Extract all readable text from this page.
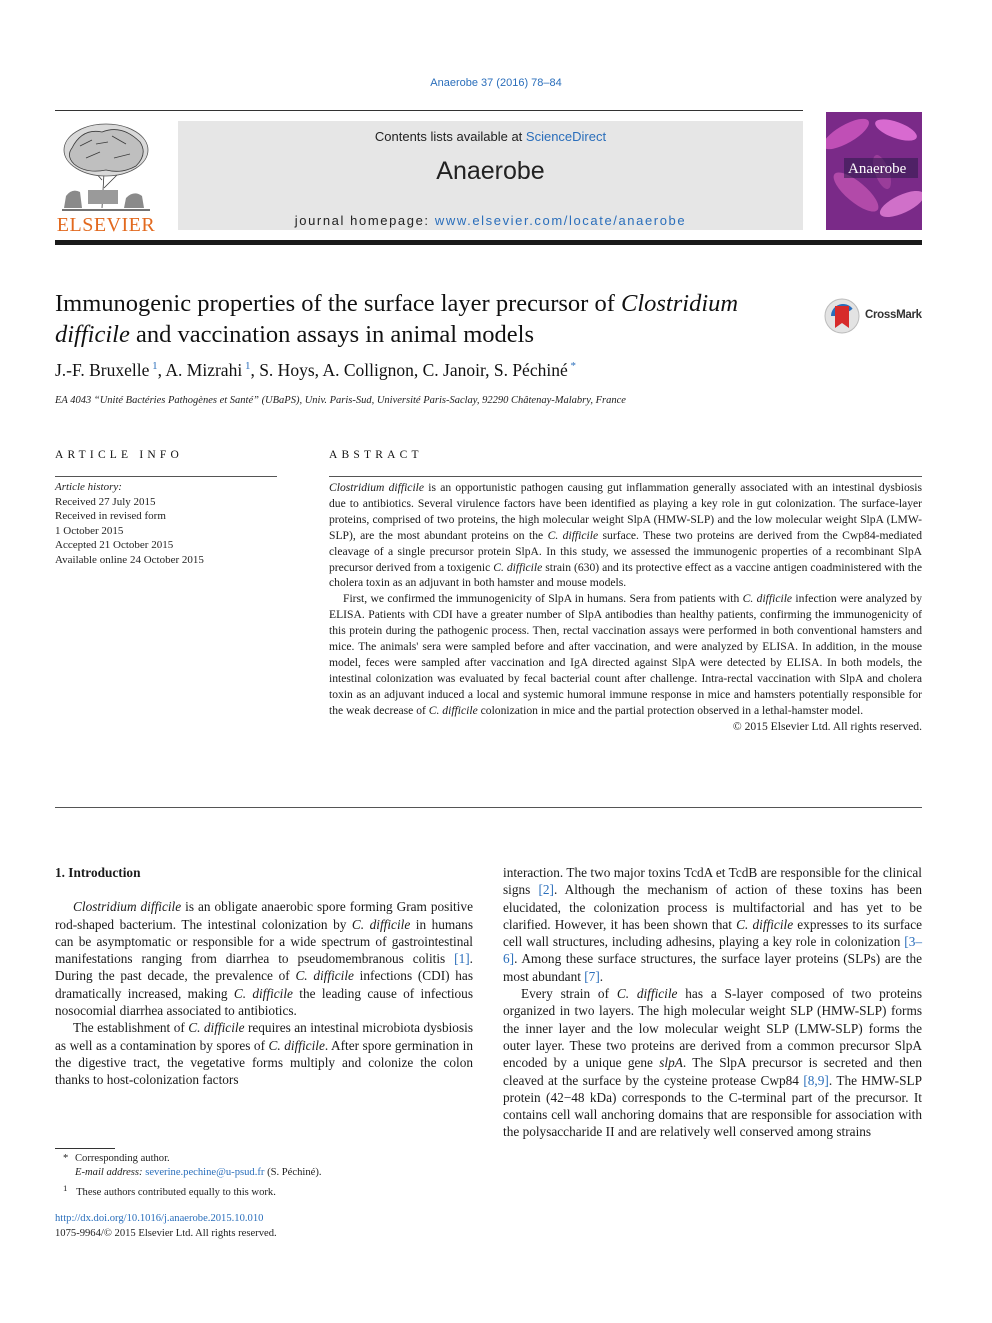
Anaerobe 37 (2016) 78–84
ELSEVIER
Contents lists available at ScienceDirect
Anaerobe
journal homepage: www.elsevier.com/locate/anaerobe
Anaerobe
Immunogenic properties of the surface layer precursor of Clostridium difficile and vaccination assays in animal models
CrossMark
J.-F. Bruxelle $^1$, A. Mizrahi $^1$, S. Hoys, A. Collignon, C. Janoir, S. Péchiné *
EA 4043 “Unité Bactéries Pathogènes et Santé” (UBaPS), Univ. Paris-Sud, Université Paris-Saclay, 92290 Châtenay-Malabry, France
ARTICLE INFO
Article history:
Received 27 July 2015
Received in revised form
1 October 2015
Accepted 21 October 2015
Available online 24 October 2015
ABSTRACT

Clostridium difficile is an opportunistic pathogen causing gut inflammation generally associated with an intestinal dysbiosis due to antibiotics. Several virulence factors have been identified as playing a key role in gut colonization. The surface-layer proteins, comprised of two proteins, the high molecular weight SlpA (HMW-SLP) and the low molecular weight SlpA (LMW-SLP), are the most abundant proteins on the C. difficile surface. These two proteins are derived from the Cwp84-mediated cleavage of a single precursor protein SlpA. In this study, we assessed the immunogenic properties of a recombinant SlpA precursor derived from a toxigenic C. difficile strain (630) and its protective effect as a vaccine antigen coadministered with the cholera toxin as an adjuvant in both hamster and mouse models.

First, we confirmed the immunogenicity of SlpA in humans. Sera from patients with C. difficile infection were analyzed by ELISA. Patients with CDI have a greater number of SlpA antibodies than healthy patients, confirming the immunogenicity of this protein during the pathogenic process. Then, rectal vaccination assays were performed in both conventional hamsters and mice. The animals' sera were sampled before and after vaccination, and were analyzed by ELISA. In addition, in the mouse model, feces were sampled after vaccination and IgA directed against SlpA were detected by ELISA. In both models, the intestinal colonization was evaluated by fecal bacterial count after challenge. Intra-rectal vaccination with SlpA and cholera toxin as an adjuvant induced a local and systemic humoral immune response in mice and hamsters potentially responsible for the weak decrease of C. difficile colonization in mice and the partial protection observed in a lethal-hamster model.

© 2015 Elsevier Ltd. All rights reserved.

1. Introduction

Clostridium difficile is an obligate anaerobic spore forming Gram positive rod-shaped bacterium. The intestinal colonization by C. difficile in humans can be asymptomatic or responsible for a wide spectrum of gastrointestinal manifestations ranging from diarrhea to pseudomembranous colitis [1]. During the past decade, the prevalence of C. difficile infections (CDI) has dramatically increased, making C. difficile the leading cause of infectious nosocomial diarrhea associated to antibiotics.

The establishment of C. difficile requires an intestinal microbiota dysbiosis as well as a contamination by spores of C. difficile. After spore germination in the digestive tract, the vegetative forms multiply and colonize the colon thanks to host-colonization factors

interaction. The two major toxins TcdA et TcdB are responsible for the clinical signs [2]. Although the mechanism of action of these toxins has been elucidated, the colonization process is multifactorial and has yet to be clarified. However, it has been shown that C. difficile expresses to its surface cell wall structures, including adhesins, playing a key role in colonization [3–6]. Among these surface structures, the surface layer proteins (SLPs) are the most abundant [7].

Every strain of C. difficile has a S-layer composed of two proteins organized in two layers. The high molecular weight SLP (HMW-SLP) forms the inner layer and the low molecular weight SLP (LMW-SLP) forms the outer layer. These two proteins are derived from a common precursor SlpA encoded by a unique gene slpA. The SlpA precursor is secreted and then cleaved at the surface by the cysteine protease Cwp84 [8,9]. The HMW-SLP protein (42−48 kDa) corresponds to the C-terminal part of the precursor. It contains cell wall anchoring domains that are responsible for association with the polysaccharide II and are relatively well conserved among strains

* Corresponding author.

E-mail address: severine.pechine@u-psud.fr (S. Péchiné).

$^1$ These authors contributed equally to this work.

http://dx.doi.org/10.1016/j.anaerobe.2015.10.010

1075-9964/© 2015 Elsevier Ltd. All rights reserved.
